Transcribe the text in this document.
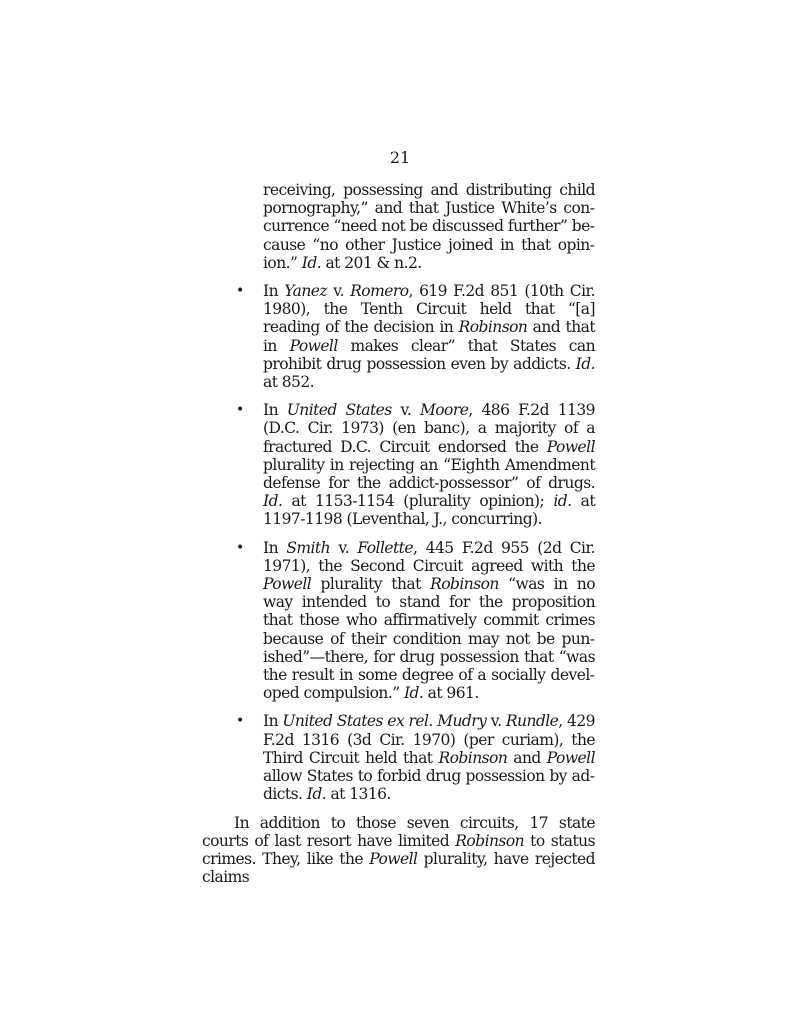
21

receiving, possessing and distributing child pornography,” and that Justice White’s concurrence “need not be discussed further” because “no other Justice joined in that opinion.” Id. at 201 & n.2.

• In Yanez v. Romero, 619 F.2d 851 (10th Cir. 1980), the Tenth Circuit held that “[a] reading of the decision in Robinson and that in Powell makes clear” that States can prohibit drug possession even by addicts. Id. at 852.
• In United States v. Moore, 486 F.2d 1139 (D.C. Cir. 1973) (en banc), a majority of a fractured D.C. Circuit endorsed the Powell plurality in rejecting an “Eighth Amendment defense for the addict-possessor” of drugs. Id. at 1153-1154 (plurality opinion); id. at 1197-1198 (Leventhal, J., concurring).
• In Smith v. Follette, 445 F.2d 955 (2d Cir. 1971), the Second Circuit agreed with the Powell plurality that Robinson “was in no way intended to stand for the proposition that those who affirmatively commit crimes because of their condition may not be punished”—there, for drug possession that “was the result in some degree of a socially developed compulsion.” Id. at 961.
• In United States ex rel. Mudry v. Rundle, 429 F.2d 1316 (3d Cir. 1970) (per curiam), the Third Circuit held that Robinson and Powell allow States to forbid drug possession by addicts. Id. at 1316.

In addition to those seven circuits, 17 state courts of last resort have limited Robinson to status crimes. They, like the Powell plurality, have rejected claims
